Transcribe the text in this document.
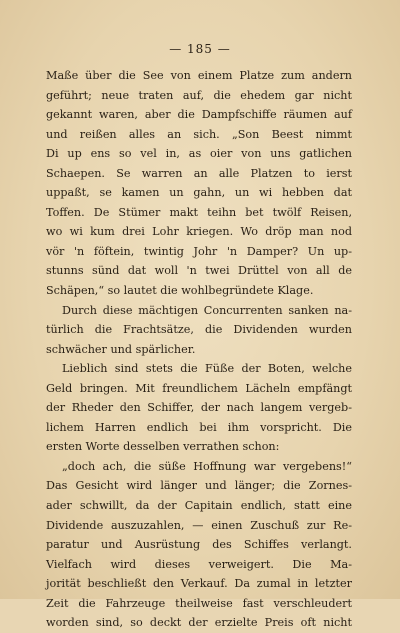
— 185 —
Maße über die See von einem Platze zum andern
geführt; neue traten auf, die ehedem gar nicht
gekannt waren, aber die Dampfschiffe räumen auf
und reißen alles an sich. „Son Beest nimmt
Di up ens so vel in, as oier von uns gatlichen
Schaepen. Se warren an alle Platzen to ierst
uppaßt, se kamen un gahn, un wi hebben dat
Toffen. De Stümer makt teihn bet twölf Reisen,
wo wi kum drei Lohr kriegen. Wo dröp man nod
vör 'n föftein, twintig Johr 'n Damper? Un up-
stunns sünd dat woll 'n twei Drüttel von all de
Schäpen,“ so lautet die wohlbegründete Klage.
Durch diese mächtigen Concurrenten sanken na-
türlich die Frachtsätze, die Dividenden wurden
schwächer und spärlicher.
Lieblich sind stets die Füße der Boten, welche
Geld bringen. Mit freundlichem Lächeln empfängt
der Rheder den Schiffer, der nach langem vergeb-
lichem Harren endlich bei ihm vorspricht. Die
ersten Worte desselben verrathen schon:
„doch ach, die süße Hoffnung war vergebens!“
Das Gesicht wird länger und länger; die Zornes-
ader schwillt, da der Capitain endlich, statt eine
Dividende auszuzahlen, — einen Zuschuß zur Re-
paratur und Ausrüstung des Schiffes verlangt.
Vielfach wird dieses verweigert. Die Ma-
jorität beschließt den Verkauf. Da zumal in letzter
Zeit die Fahrzeuge theilweise fast verschleudert
worden sind, so deckt der erzielte Preis oft nicht
